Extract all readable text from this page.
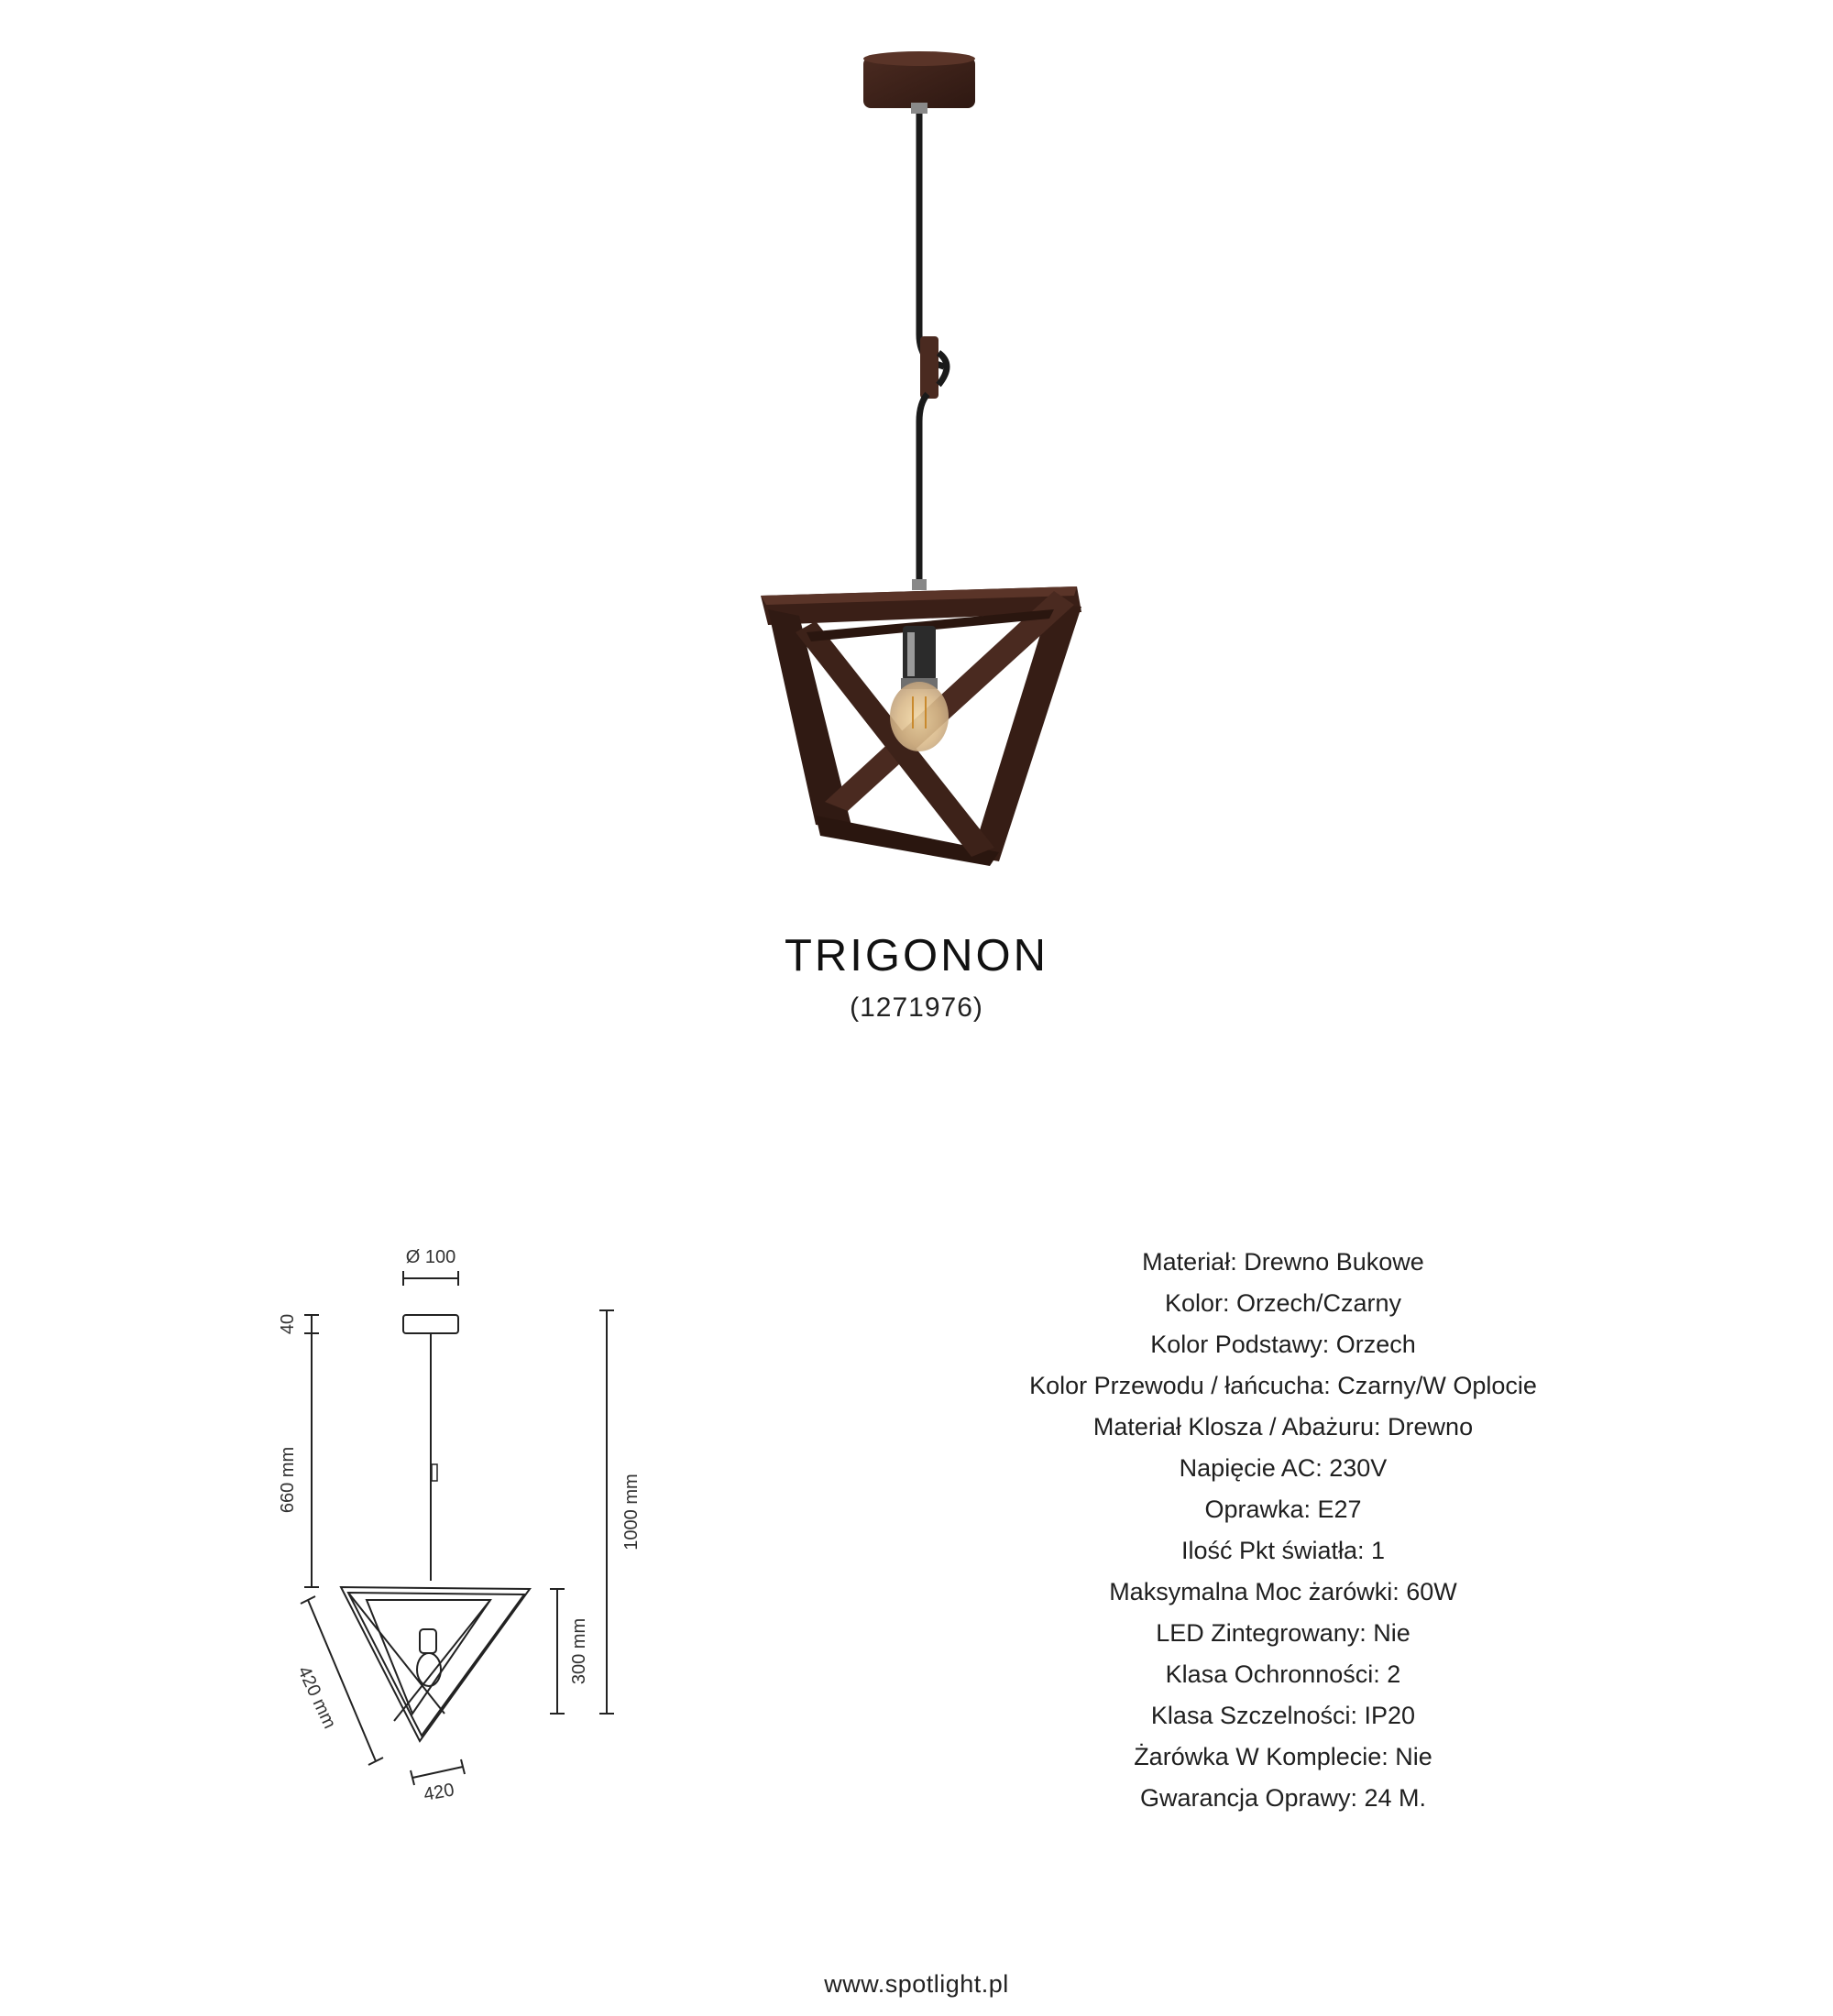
TRIGONON
(1271976)
Ø 100
40
660 mm
420 mm
420
300 mm
1000 mm
Materiał: Drewno Bukowe
Kolor: Orzech/Czarny
Kolor Podstawy: Orzech
Kolor Przewodu / łańcucha: Czarny/W Oplocie
Materiał Klosza / Abażuru: Drewno
Napięcie AC: 230V
Oprawka: E27
Ilość Pkt światła: 1
Maksymalna Moc żarówki: 60W
LED Zintegrowany: Nie
Klasa Ochronności: 2
Klasa Szczelności: IP20
Żarówka W Komplecie: Nie
Gwarancja Oprawy: 24 M.
www.spotlight.pl
